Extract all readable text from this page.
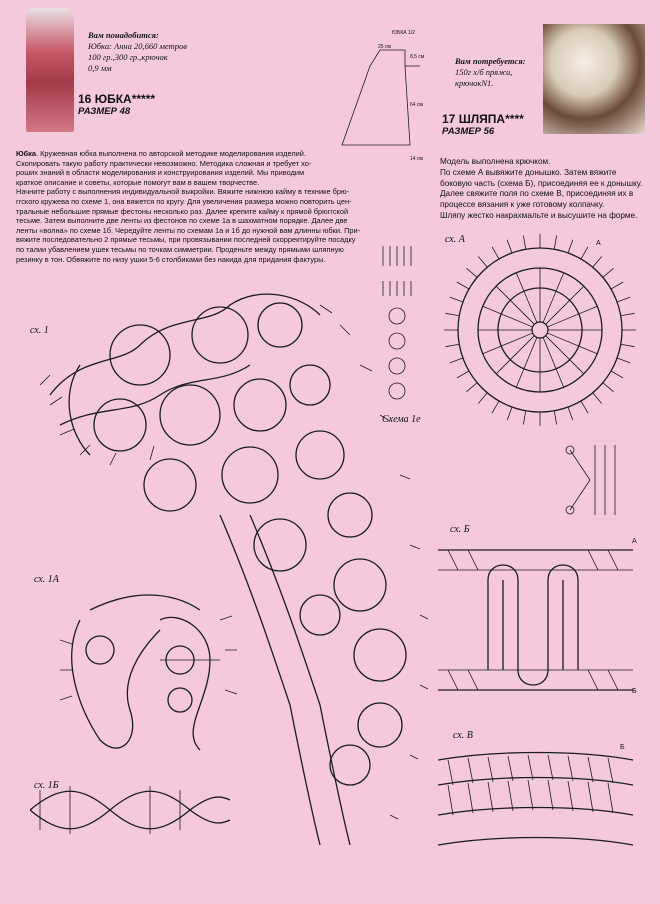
Вам понадобится:
Юбка: Анна 20,660 метров
100 гр.,300 гр.,крючок
0,9 мм
16 ЮБКА*****
РАЗМЕР 48
ЮБКА 1/2
25 см
8,5 см
64 см
14 см
Вам потребуется:
150г х/б пряжи,
крючокN1.
17 ШЛЯПА****
РАЗМЕР 56
Юбка. Кружевная юбка выполнена по авторской методике моделирования изделий.
Скопировать такую работу практически невозможно. Методика сложная и требует хо-
роших знаний в области моделирования и конструирования изделий. Мы приводим
краткое описание и советы, которые помогут вам в вашем творчестве.
Начните работу с выполнения индивидуальной выкройки. Вяжите нижнюю кайму в технике брю-
ггского кружева по схеме 1, она вяжется по кругу. Для увеличения размера можно повторить цен-
тральные небольшие прямые фестоны несколько раз. Далее крепите кайму к прямой брюггской
тесьме. Затем выполните две ленты из фестонов по схеме 1а в шахматном порядке. Далее две
ленты «волна» по схеме 1б. Чередуйте ленты по схемам 1а и 1б до нужной вам длинны юбки. При-
вяжите последовательно 2 прямые тесьмы, при провязывании последней скорректируйте посадку
по талии убавлением ушек тесьмы по точкам симметрии. Проденьте между прямыми шляпную
резинку в тон. Обвяжите по низу ушки 5-6 столбиками без накида для придания фактуры.
Модель выполнена крючком.
По схеме А вывяжите донышко. Затем вяжите
боковую часть (схема Б), присоединяя ее к донышку.
Далее свяжите поля по схеме В, присоединяя их в
процессе вязания к уже готовому колпачку.
Шляпу жестко накрахмальте и высушите на форме.
сх. 1
Схема 1е
сх. А	А
сх. Б
А
Б
сх. В
Б
сх. 1А
сх. 1Б
